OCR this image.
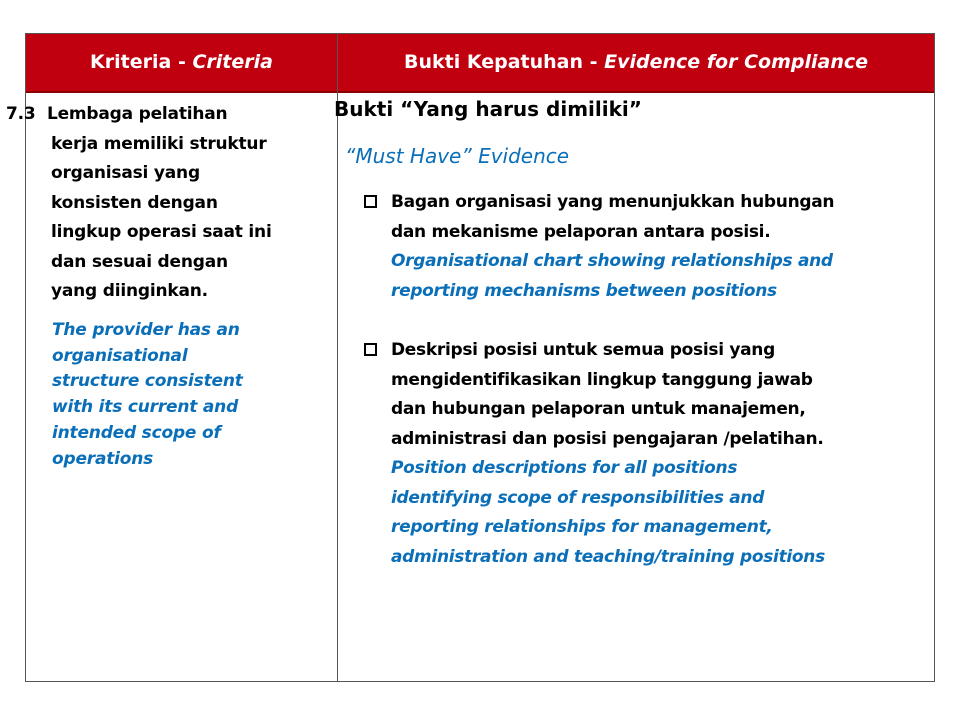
Kriteria - Criteria	Bukti Kepatuhan - Evidence for Compliance
7.3 Lembaga pelatihan
kerja memiliki struktur
organisasi yang
konsisten dengan
lingkup operasi saat ini
dan sesuai dengan
yang diinginkan.
The provider has an
organisational
structure consistent
with its current and
intended scope of
operations
Bukti “Yang harus dimiliki”
“Must Have” Evidence
Bagan organisasi yang menunjukkan hubungan
dan mekanisme pelaporan antara posisi.
Organisational chart showing relationships and
reporting mechanisms between positions
Deskripsi posisi untuk semua posisi yang
mengidentifikasikan lingkup tanggung jawab
dan hubungan pelaporan untuk manajemen,
administrasi dan posisi pengajaran /pelatihan.
Position descriptions for all positions
identifying scope of responsibilities and
reporting relationships for management,
administration and teaching/training positions
